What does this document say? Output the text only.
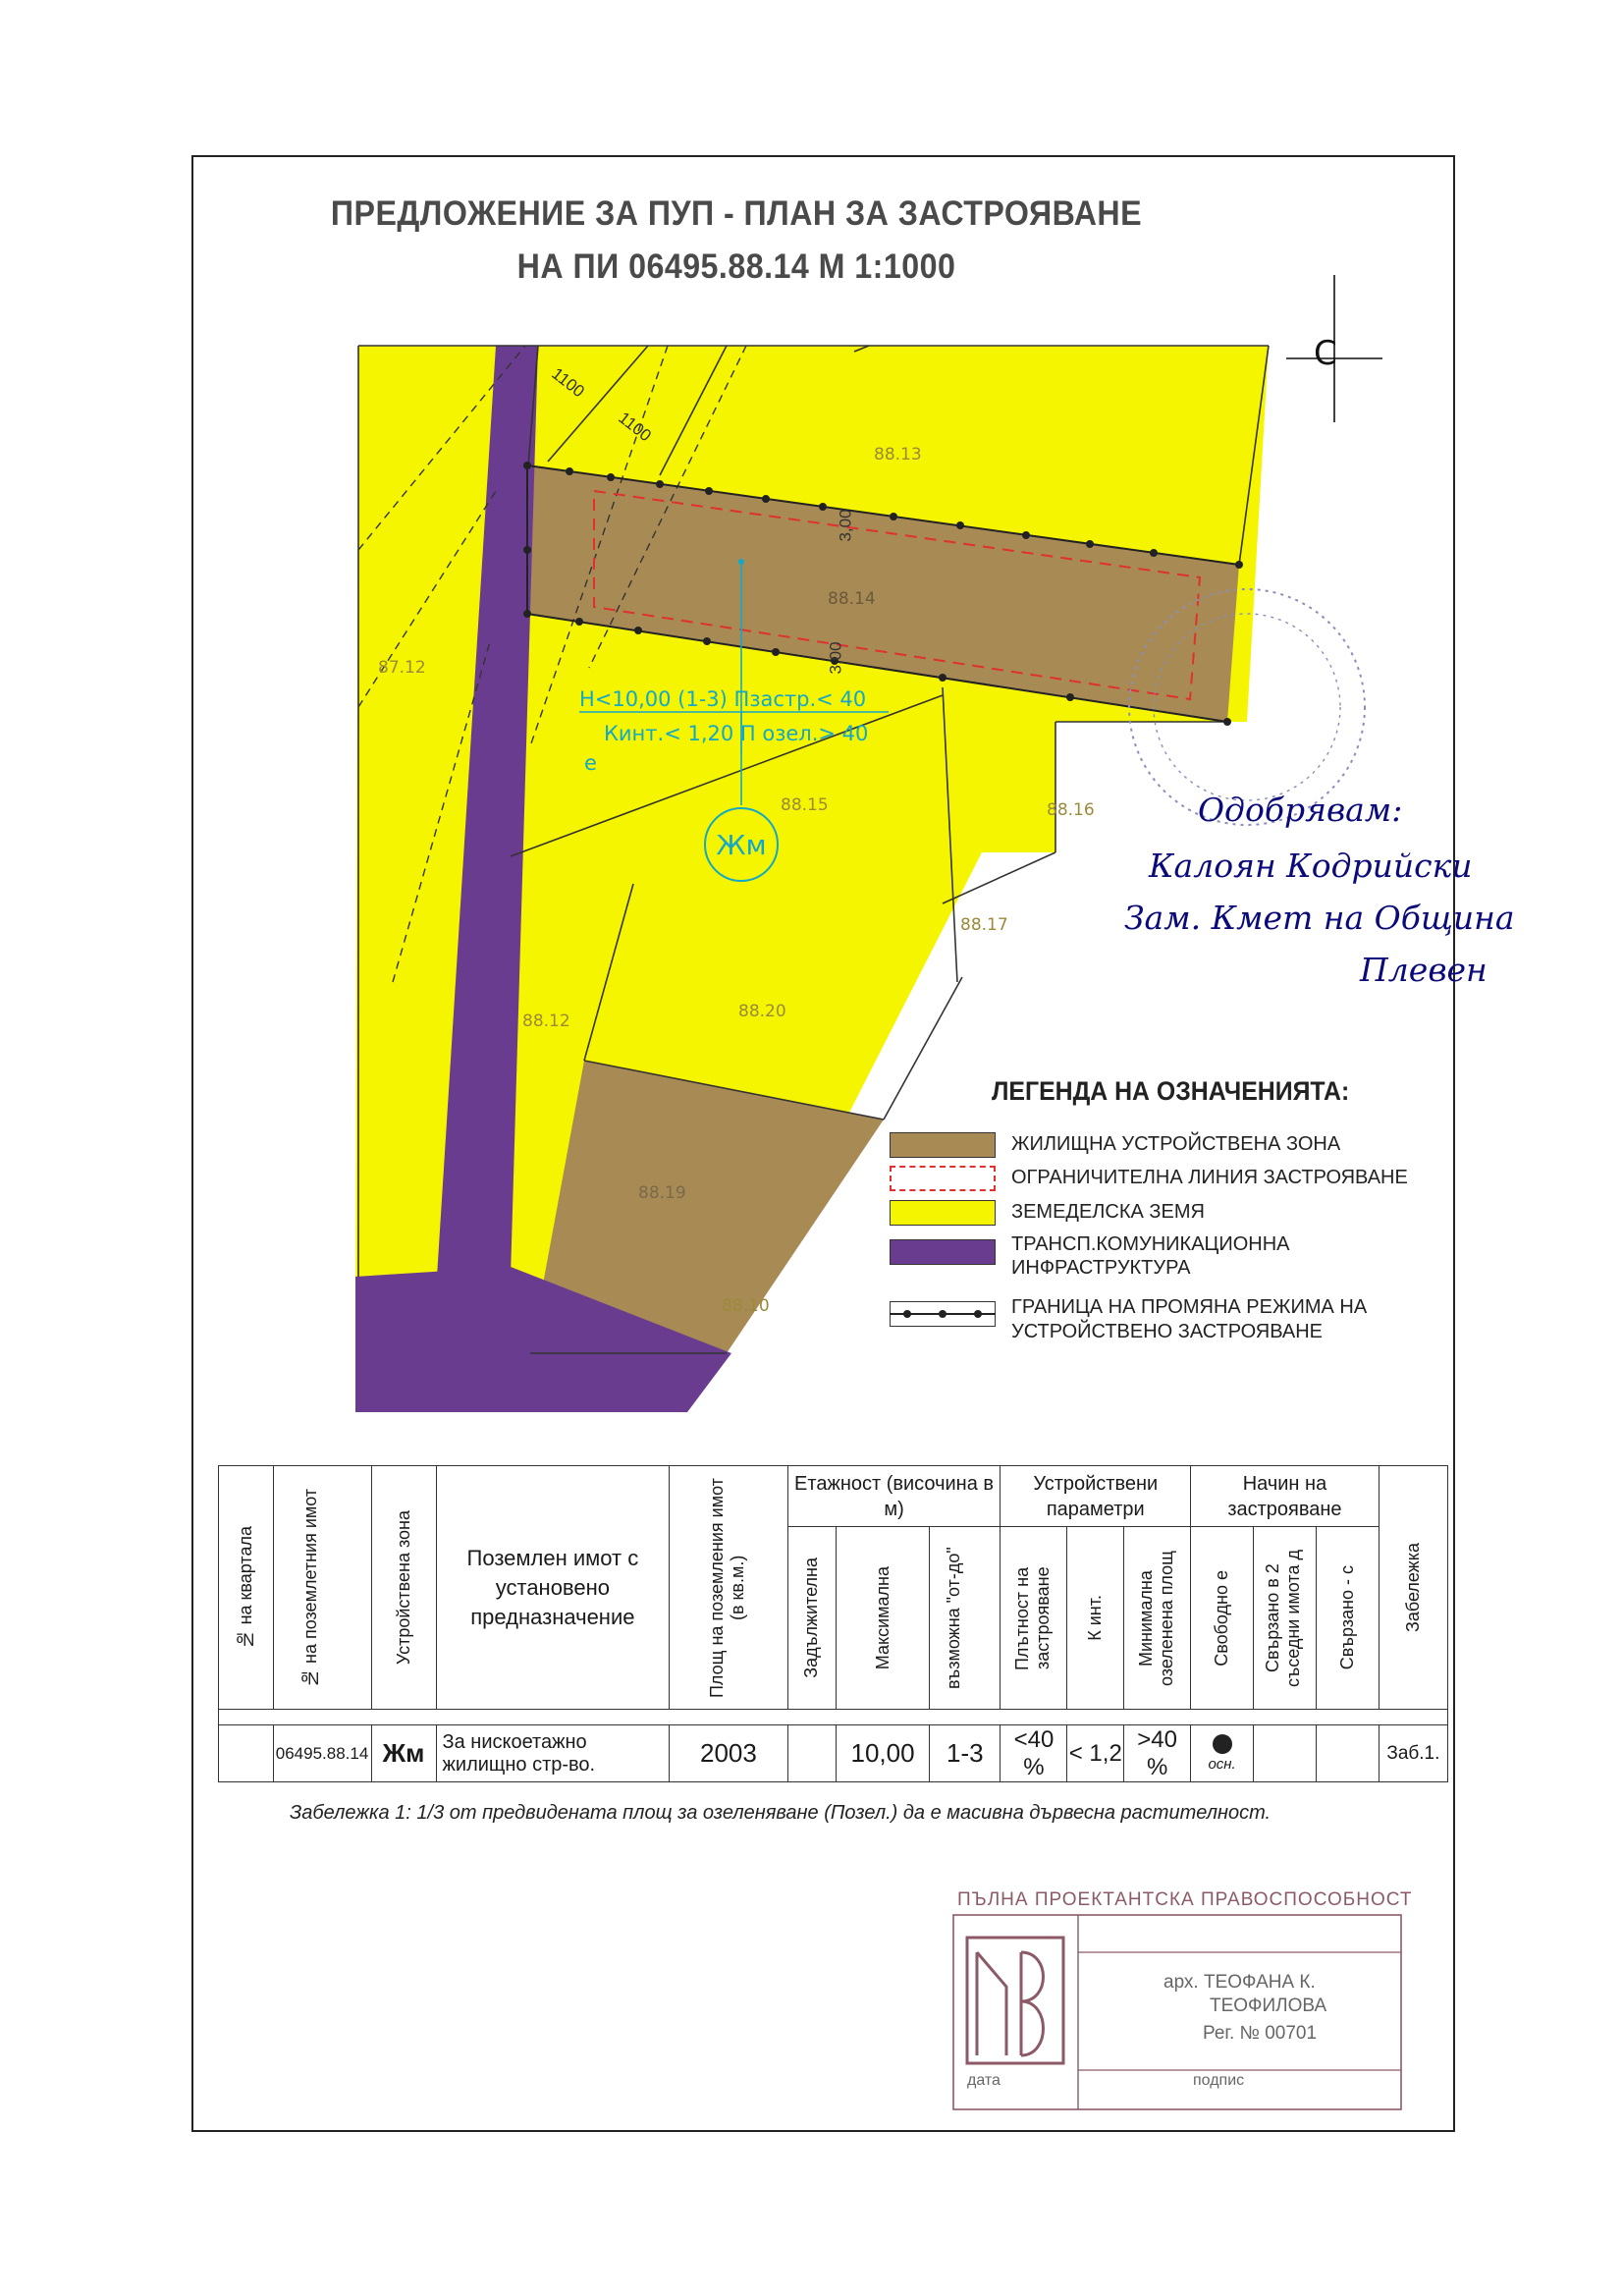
ПРЕДЛОЖЕНИЕ ЗА ПУП - ПЛАН ЗА ЗАСТРОЯВАНЕ
НА ПИ 06495.88.14 М 1:1000
88.13
88.14
87.12
88.15	88.16
88.17
88.12	88.20
88.19
88.10
1100
1100
3,00
3,00
Н<10,00 (1-3) Пзастр.< 40
Кинт.< 1,20 П озел.> 40
е
Жм
С
Одобрявам:
Калоян Кодрийски
Зам. Кмет на Община
Плевен
ЛЕГЕНДА НА ОЗНАЧЕНИЯТА:
ЖИЛИЩНА УСТРОЙСТВЕНА ЗОНА
ОГРАНИЧИТЕЛНА ЛИНИЯ ЗАСТРОЯВАНЕ
ЗЕМЕДЕЛСКА ЗЕМЯ
ТРАНСП.КОМУНИКАЦИОННА
ИНФРАСТРУКТУРА
ГРАНИЦА НА ПРОМЯНА РЕЖИМА НА
УСТРОЙСТВЕНО ЗАСТРОЯВАНЕ
№ на квартала	№ на поземлетния имот	Устройствена зона	Поземлен имот с установено предназначение	Площ на поземления имот (в кв.м.)	Етажност (височина в м)			Устройствени параметри			Начин на застрояване			Забележка

					Задължителна	Максимална	възможна "от-до"	Плътност на застрояване	К инт.	Минимална озеленена площ	Свободно е	Свързано в 2 съседни имота д	Свързано - с	

	06495.88.14	Жм	За нискоетажно жилищно стр-во.	2003		10,00	1-3	<40 %	< 1,2	>40 %	осн.			Заб.1.
Забележка 1: 1/3 от предвидената площ за озеленяване (Позел.) да е масивна дървесна растителност.
ПЪЛНА ПРОЕКТАНТСКА ПРАВОСПОСОБНОСТ
арх. ТЕОФАНА К.
ТЕОФИЛОВА
Рег. № 00701
дата	подпис
